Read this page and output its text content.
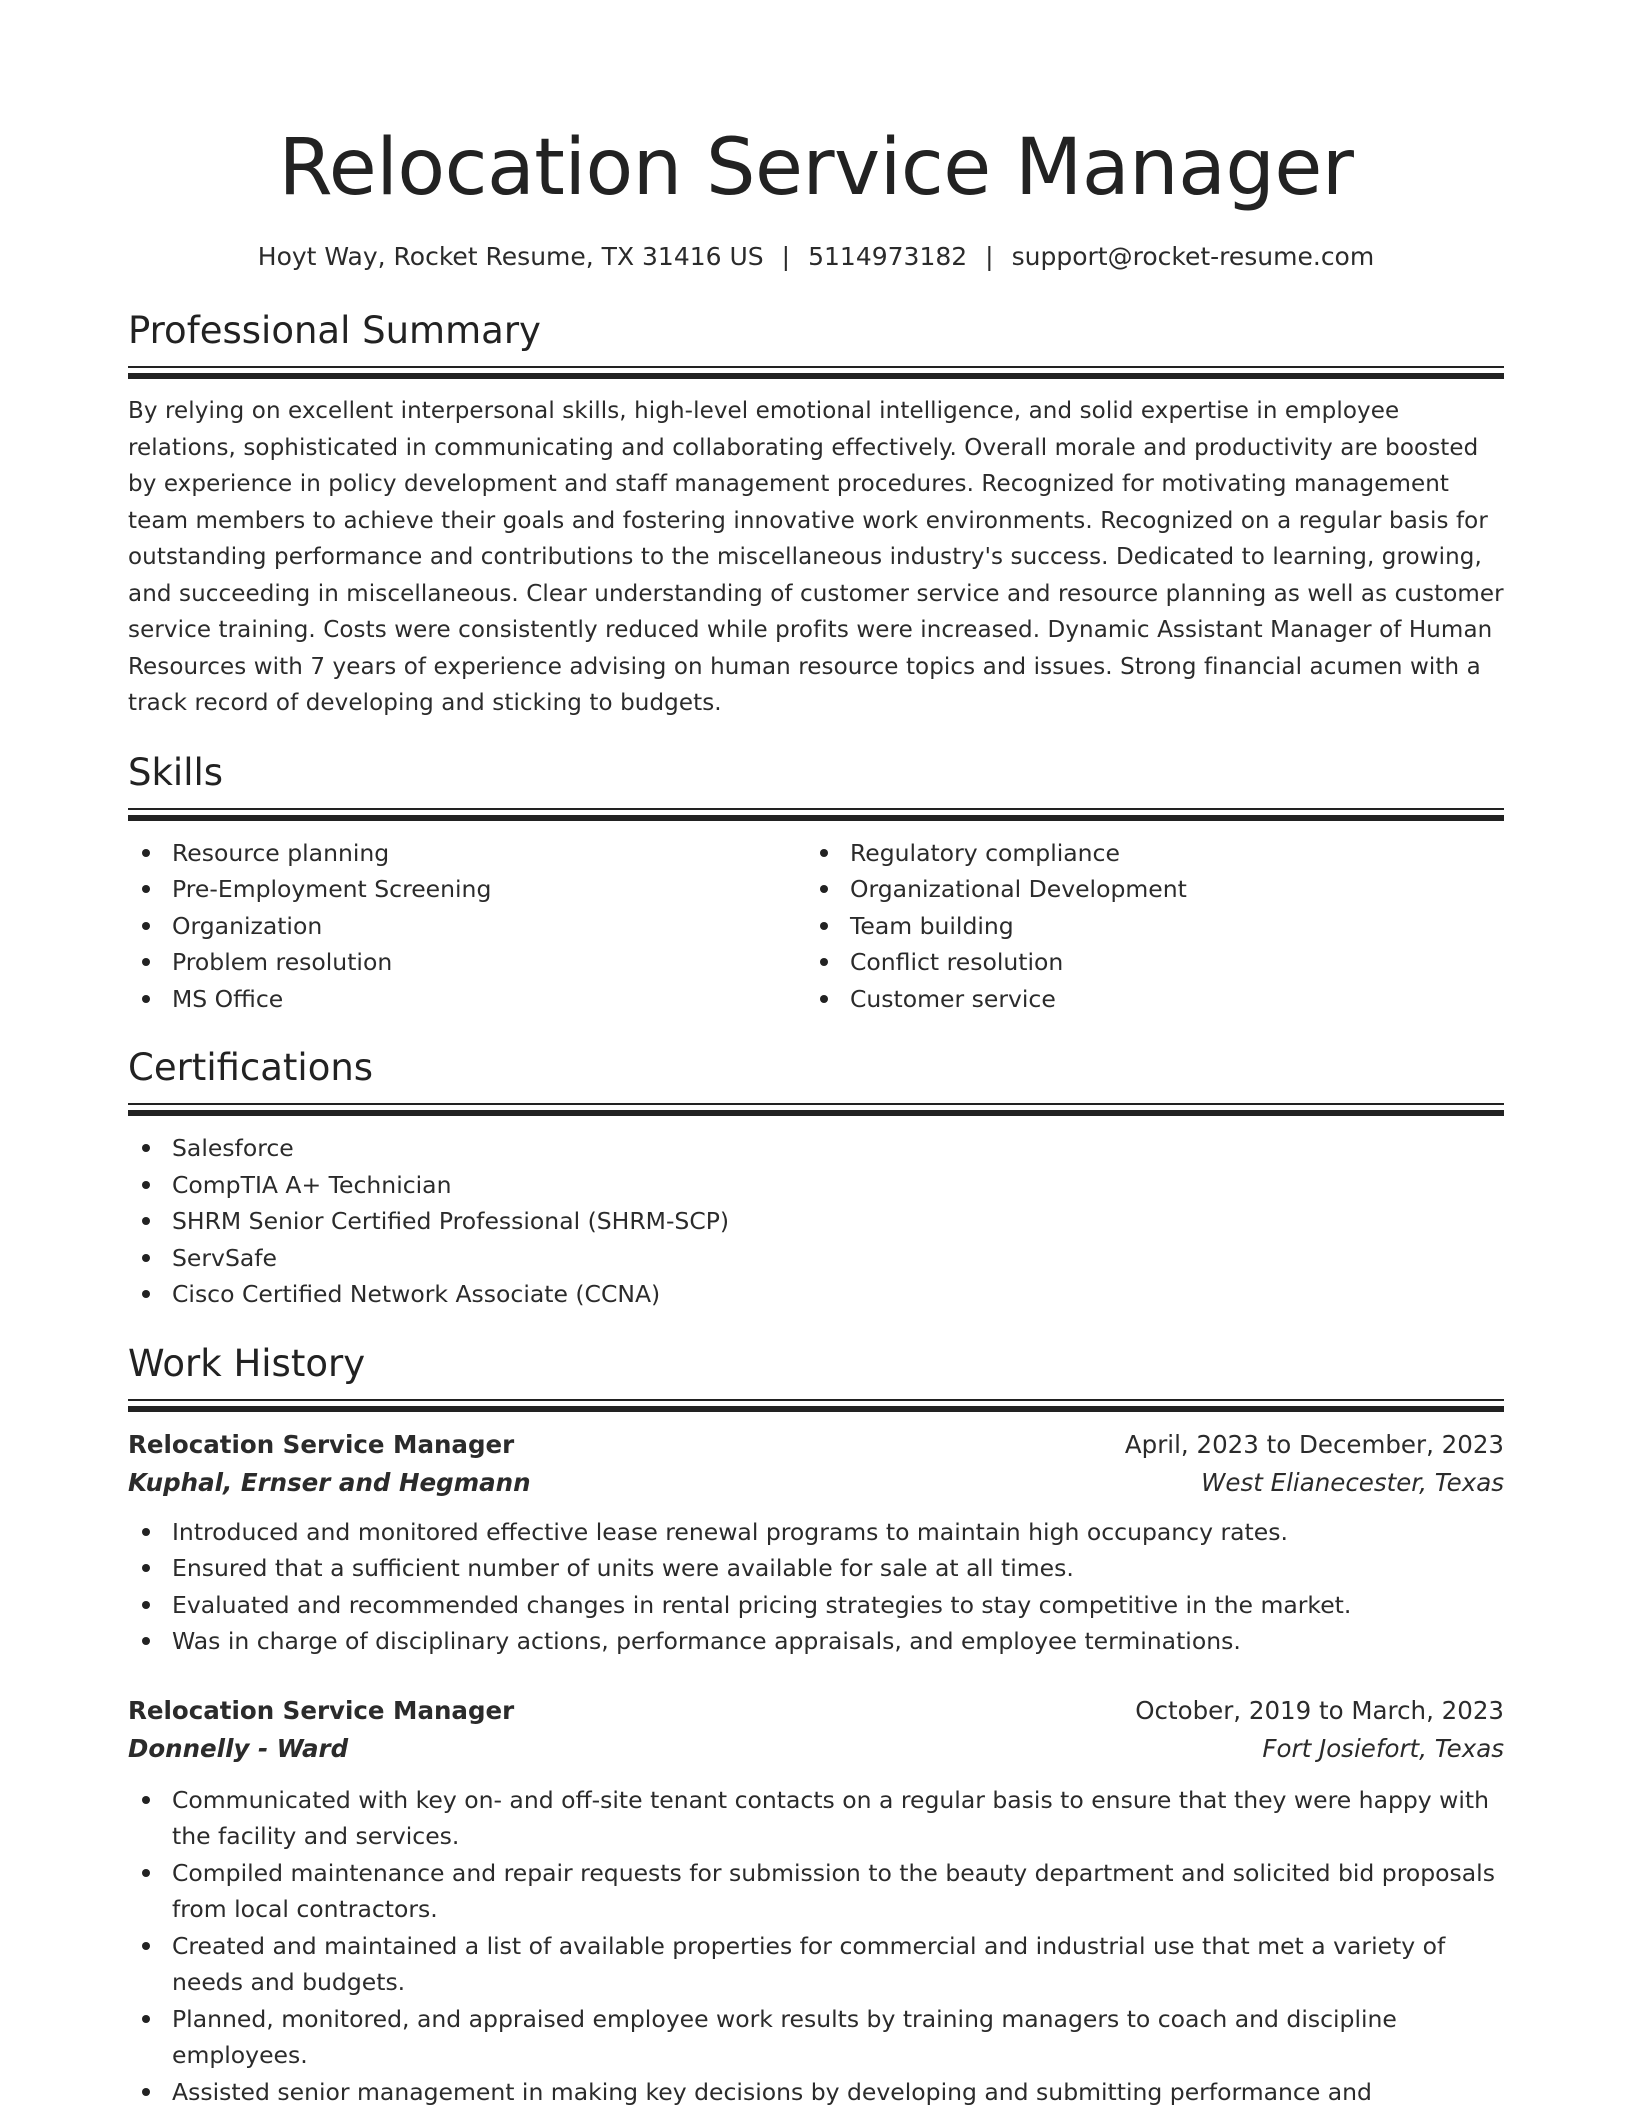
Relocation Service Manager
Hoyt Way, Rocket Resume, TX 31416 US | 5114973182 | support@rocket-resume.com
Professional Summary
By relying on excellent interpersonal skills, high-level emotional intelligence, and solid expertise in employee relations, sophisticated in communicating and collaborating effectively. Overall morale and productivity are boosted by experience in policy development and staff management procedures. Recognized for motivating management team members to achieve their goals and fostering innovative work environments. Recognized on a regular basis for outstanding performance and contributions to the miscellaneous industry's success. Dedicated to learning, growing, and succeeding in miscellaneous. Clear understanding of customer service and resource planning as well as customer service training. Costs were consistently reduced while profits were increased. Dynamic Assistant Manager of Human Resources with 7 years of experience advising on human resource topics and issues. Strong financial acumen with a track record of developing and sticking to budgets.
Skills
Resource planning
Pre-Employment Screening
Organization
Problem resolution
MS Office
Regulatory compliance
Organizational Development
Team building
Conflict resolution
Customer service
Certifications
Salesforce
CompTIA A+ Technician
SHRM Senior Certified Professional (SHRM-SCP)
ServSafe
Cisco Certified Network Associate (CCNA)
Work History
Relocation Service Manager	April, 2023 to December, 2023
Kuphal, Ernser and Hegmann	West Elianecester, Texas
Introduced and monitored effective lease renewal programs to maintain high occupancy rates.
Ensured that a sufficient number of units were available for sale at all times.
Evaluated and recommended changes in rental pricing strategies to stay competitive in the market.
Was in charge of disciplinary actions, performance appraisals, and employee terminations.
Relocation Service Manager	October, 2019 to March, 2023
Donnelly - Ward	Fort Josiefort, Texas
Communicated with key on- and off-site tenant contacts on a regular basis to ensure that they were happy with the facility and services.
Compiled maintenance and repair requests for submission to the beauty department and solicited bid proposals from local contractors.
Created and maintained a list of available properties for commercial and industrial use that met a variety of needs and budgets.
Planned, monitored, and appraised employee work results by training managers to coach and discipline employees.
Assisted senior management in making key decisions by developing and submitting performance and
